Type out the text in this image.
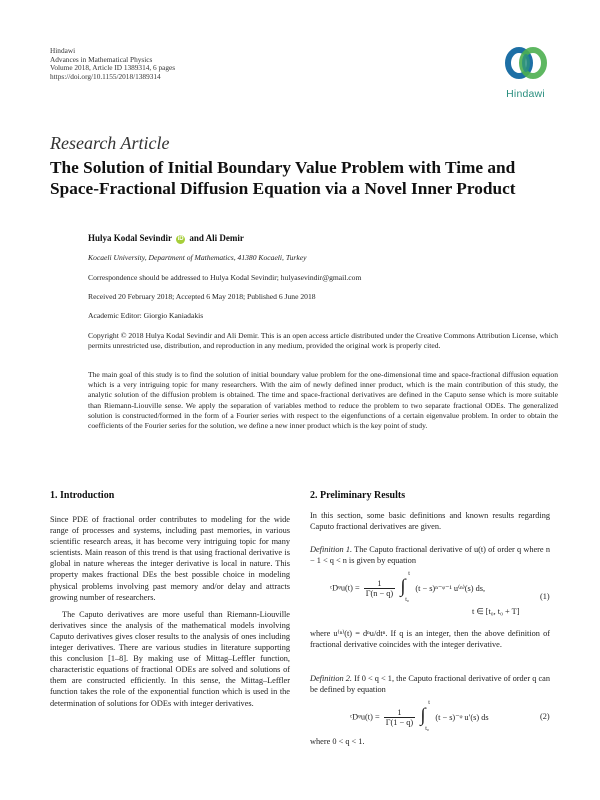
Hindawi
Advances in Mathematical Physics
Volume 2018, Article ID 1389314, 6 pages
https://doi.org/10.1155/2018/1389314
Hindawi
Research Article
The Solution of Initial Boundary Value Problem with Time and
Space-Fractional Diffusion Equation via a Novel Inner Product
Hulya Kodal Sevindir iD and Ali Demir
Kocaeli University, Department of Mathematics, 41380 Kocaeli, Turkey
Correspondence should be addressed to Hulya Kodal Sevindir; hulyasevindir@gmail.com
Received 20 February 2018; Accepted 6 May 2018; Published 6 June 2018
Academic Editor: Giorgio Kaniadakis
Copyright © 2018 Hulya Kodal Sevindir and Ali Demir. This is an open access article distributed under the Creative Commons Attribution License, which permits unrestricted use, distribution, and reproduction in any medium, provided the original work is properly cited.
The main goal of this study is to find the solution of initial boundary value problem for the one-dimensional time and space-fractional diffusion equation which is a very intriguing topic for many researchers. With the aim of newly defined inner product, which is the main contribution of this study, the analytic solution of the diffusion problem is obtained. The time and space-fractional derivatives are defined in the Caputo sense which is more suitable than Riemann-Liouville sense. We apply the separation of variables method to reduce the problem to two separate fractional ODEs. The generalized solution is constructed/formed in the form of a Fourier series with respect to the eigenfunctions of a certain eigenvalue problem. In order to obtain the coefficients of the Fourier series for the solution, we define a new inner product which is the key point of study.
1. Introduction

Since PDE of fractional order contributes to modeling for the wide range of processes and systems, including past memories, in various scientific research areas, it has become very intriguing topic for many scientists. Main reason of this trend is that using fractional derivative is global in nature whereas the integer derivative is local in nature. This property makes fractional DEs the best possible choice in modeling physical problems involving past memory and/or delay and attracts growing number of researchers.

The Caputo derivatives are more useful than Riemann-Liouville derivatives since the analysis of the mathematical models involving Caputo derivatives gives closer results to the analysis of ones including integer derivatives. There are various studies in literature supporting this conclusion [1–8]. By making use of Mittag–Leffler function, characteristic equations of fractional ODEs are solved and solutions of them are constructed efficiently. In this sense, the Mittag–Leffler function takes the role of the exponential function which is used in the determination of solutions for ODEs with integer derivatives.

2. Preliminary Results
In this section, some basic definitions and known results regarding Caputo fractional derivatives are given.
Definition 1. The Caputo fractional derivative of u(t) of order q where n − 1 < q < n is given by equation
ᶜDᵠu(t) = $\frac{1}{\Gamma(n - q)}$
∫
t
t₀
(t − s)ⁿ⁻ᵠ⁻¹ u⁽ⁿ⁾(s) ds,
(1)
t ∈ [t₀, t₀ + T]
where u⁽ⁿ⁾(t) = dⁿu/dtⁿ. If q is an integer, then the above definition of fractional derivative coincides with the integer derivative.
Definition 2. If 0 < q < 1, the Caputo fractional derivative of order q can be defined by equation
ᶜDᵠu(t) = $\frac{1}{\Gamma(1 - q)}$
∫
t
t₀
(t − s)⁻ᵠ u′(s) ds	(2)
where 0 < q < 1.
